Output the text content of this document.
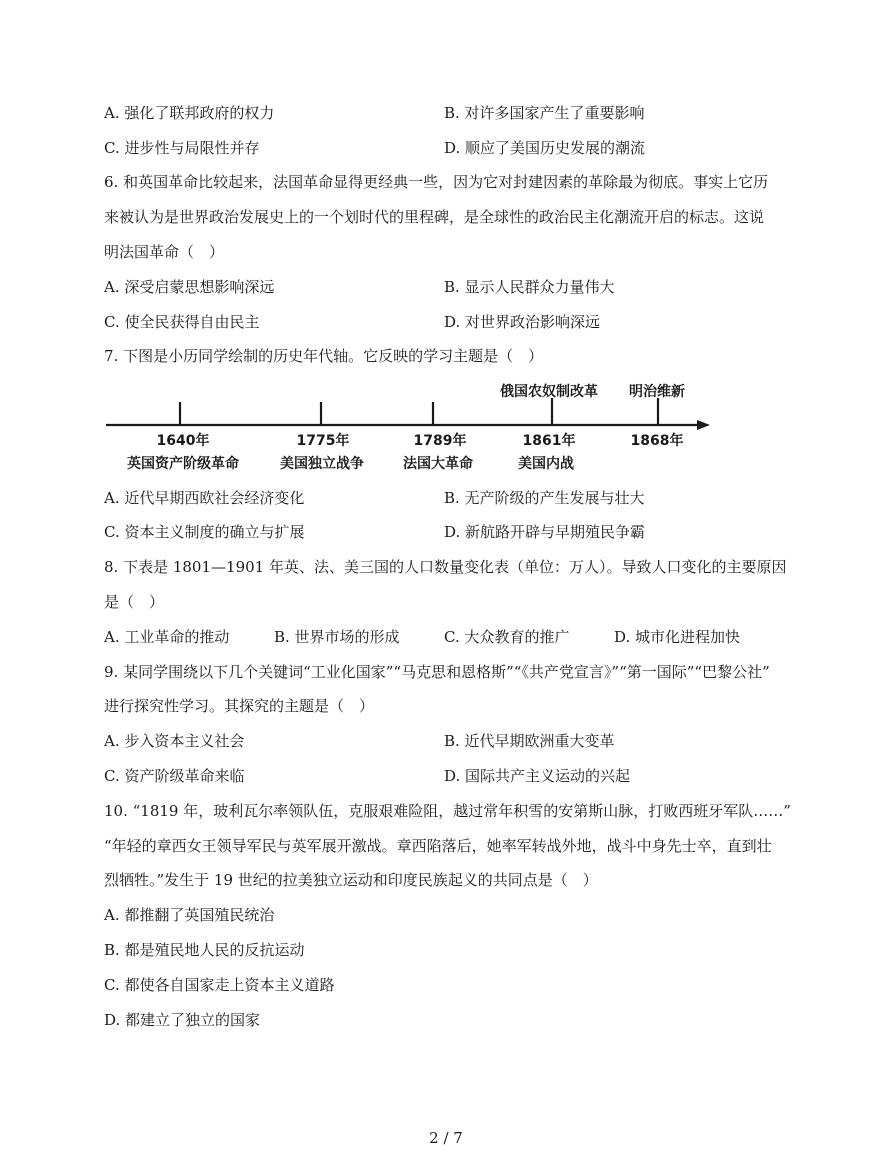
A. 强化了联邦政府的权力	B. 对许多国家产生了重要影响
C. 进步性与局限性并存	D. 顺应了美国历史发展的潮流
6. 和英国革命比较起来，法国革命显得更经典一些，因为它对封建因素的革除最为彻底。事实上它历
来被认为是世界政治发展史上的一个划时代的里程碑，是全球性的政治民主化潮流开启的标志。这说
明法国革命（　）
A. 深受启蒙思想影响深远	B. 显示人民群众力量伟大
C. 使全民获得自由民主	D. 对世界政治影响深远
7. 下图是小历同学绘制的历史年代轴。它反映的学习主题是（　）
1640年
英国资产阶级革命
1775年
美国独立战争
1789年
法国大革命
俄国农奴制改革
1861年
美国内战
明治维新
1868年
A. 近代早期西欧社会经济变化	B. 无产阶级的产生发展与壮大
C. 资本主义制度的确立与扩展	D. 新航路开辟与早期殖民争霸
8. 下表是 1801—1901 年英、法、美三国的人口数量变化表（单位：万人）。导致人口变化的主要原因
是（　）
A. 工业革命的推动	B. 世界市场的形成	C. 大众教育的推广	D. 城市化进程加快
9. 某同学围绕以下几个关键词“工业化国家”“马克思和恩格斯”“《共产党宣言》”“第一国际”“巴黎公社”
进行探究性学习。其探究的主题是（　）
A. 步入资本主义社会	B. 近代早期欧洲重大变革
C. 资产阶级革命来临	D. 国际共产主义运动的兴起
10. “1819 年，玻利瓦尔率领队伍，克服艰难险阻，越过常年积雪的安第斯山脉，打败西班牙军队……”
“年轻的章西女王领导军民与英军展开激战。章西陷落后，她率军转战外地，战斗中身先士卒，直到壮
烈牺牲。”发生于 19 世纪的拉美独立运动和印度民族起义的共同点是（　）
A. 都推翻了英国殖民统治
B. 都是殖民地人民的反抗运动
C. 都使各自国家走上资本主义道路
D. 都建立了独立的国家
2 / 7
